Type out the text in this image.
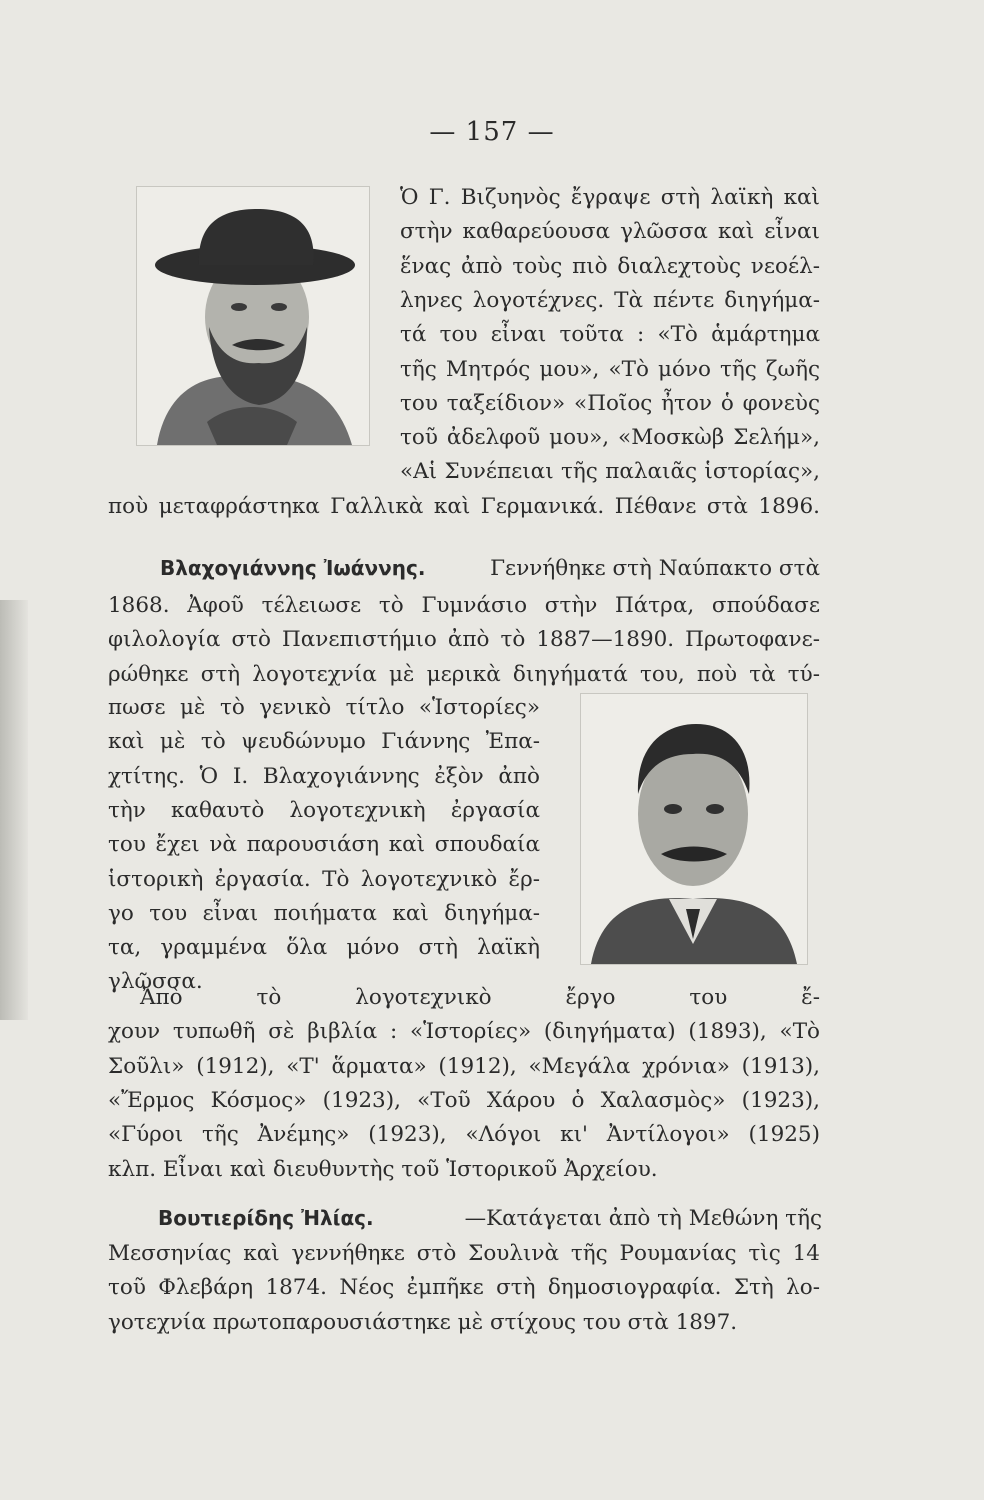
— 157 —
Ὁ Γ. Βιζυηνὸς ἔγραψε στὴ λαϊκὴ καὶ
στὴν καθαρεύουσα γλῶσσα καὶ εἶναι
ἕνας ἀπὸ τοὺς πιὸ διαλεχτοὺς νεοέλ-
ληνες λογοτέχνες. Τὰ πέντε διηγήμα-
τά του εἶναι τοῦτα : «Τὸ ἁμάρτημα
τῆς Μητρός μου», «Τὸ μόνο τῆς ζωῆς
του ταξείδιον» «Ποῖος ἦτον ὁ φονεὺς
τοῦ ἀδελφοῦ μου», «Μοσκὼβ Σελήμ»,
«Αἱ Συνέπειαι τῆς παλαιᾶς ἱστορίας»,
ποὺ μεταφράστηκα Γαλλικὰ καὶ Γερμανικά. Πέθανε στὰ 1896.
Βλαχογιάννης Ἰωάννης.	Γεννήθηκε στὴ Ναύπακτο στὰ
1868. Ἀφοῦ τέλειωσε τὸ Γυμνάσιο στὴν Πάτρα, σπούδασε
φιλολογία στὸ Πανεπιστήμιο ἀπὸ τὸ 1887—1890. Πρωτοφανε-
ρώθηκε στὴ λογοτεχνία μὲ μερικὰ διηγήματά του, ποὺ τὰ τύ-
πωσε μὲ τὸ γενικὸ τίτλο «Ἱστορίες»
καὶ μὲ τὸ ψευδώνυμο Γιάννης Ἐπα-
χτίτης. Ὁ Ι. Βλαχογιάννης ἐξὸν ἀπὸ
τὴν καθαυτὸ λογοτεχνικὴ ἐργασία
του ἔχει νὰ παρουσιάση καὶ σπουδαία
ἱστορικὴ ἐργασία. Τὸ λογοτεχνικὸ ἔρ-
γο του εἶναι ποιήματα καὶ διηγήμα-
τα, γραμμένα ὅλα μόνο στὴ λαϊκὴ
γλῶσσα.
Ἀπὸ τὸ λογοτεχνικὸ ἔργο του ἔ-
χουν τυπωθῆ σὲ βιβλία : «Ἱστορίες» (διηγήματα) (1893), «Τὸ
Σοῦλι» (1912), «Τ' ἅρματα» (1912), «Μεγάλα χρόνια» (1913),
«Ἔρμος Κόσμος» (1923), «Τοῦ Χάρου ὁ Χαλασμὸς» (1923),
«Γύροι τῆς Ἀνέμης» (1923), «Λόγοι κι' Ἀντίλογοι» (1925)
κλπ. Εἶναι καὶ διευθυντὴς τοῦ Ἱστορικοῦ Ἀρχείου.
Βουτιερίδης Ἠλίας.	—Κατάγεται ἀπὸ τὴ Μεθώνη τῆς
Μεσσηνίας καὶ γεννήθηκε στὸ Σουλινὰ τῆς Ρουμανίας τὶς 14
τοῦ Φλεβάρη 1874. Νέος ἐμπῆκε στὴ δημοσιογραφία. Στὴ λο-
γοτεχνία πρωτοπαρουσιάστηκε μὲ στίχους του στὰ 1897.
